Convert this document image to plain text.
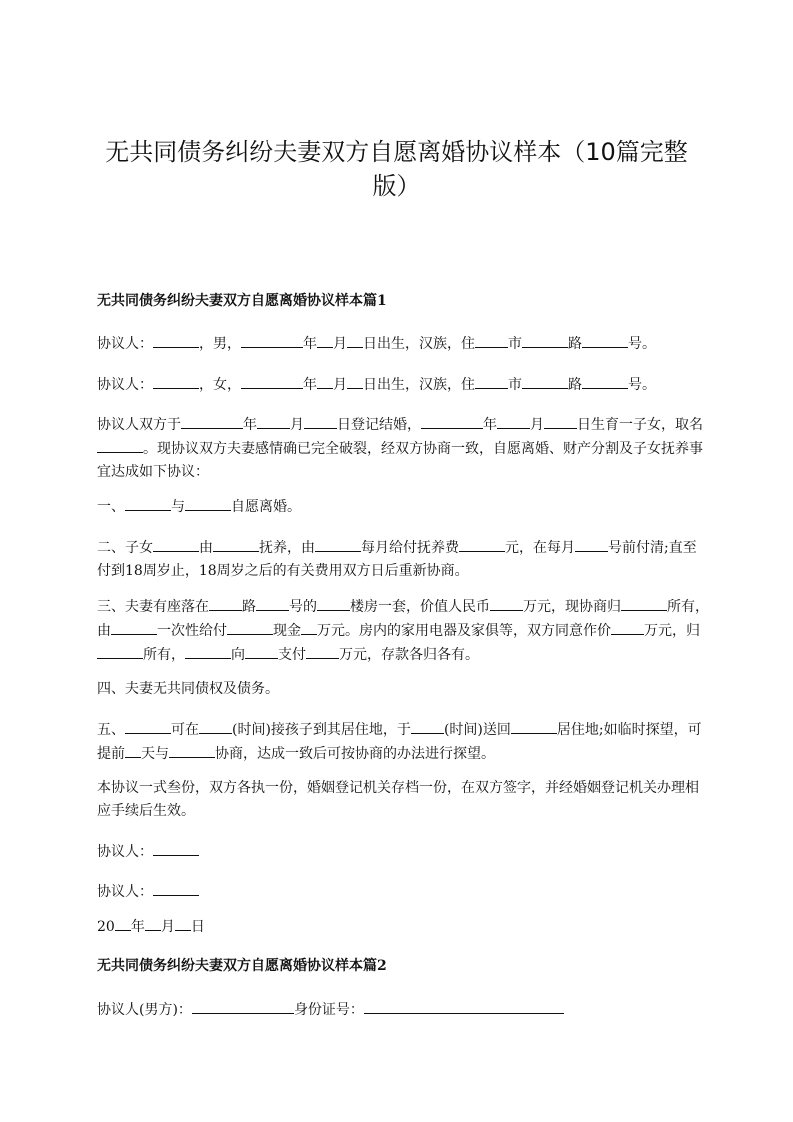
无共同债务纠纷夫妻双方自愿离婚协议样本（10篇完整
版）
无共同债务纠纷夫妻双方自愿离婚协议样本篇1
协议人：	，男，	年 月 日出生，汉族，住 市	路	号。
协议人：	，女，	年 月 日出生，汉族，住 市	路	号。
协议人双方于	年 月 日登记结婚，	年 月 日生育一子女，取名。现协议双方夫妻感情确已完全破裂，经双方协商一致，自愿离婚、财产分割及子女抚养事宜达成如下协议：
一、	与	自愿离婚。
二、子女	由	抚养，由	每月给付抚养费	元，在每月 号前付清;直至付到18周岁止，18周岁之后的有关费用双方日后重新协商。
三、夫妻有座落在 路 号的 楼房一套，价值人民币 万元，现协商归	所有，由	一次性给付	现金 万元。房内的家用电器及家俱等，双方同意作价 万元，归所有，	向 支付 万元，存款各归各有。
四、夫妻无共同债权及债务。
五、	可在 (时间)接孩子到其居住地，于 (时间)送回	居住地;如临时探望，可提前 天与	协商，达成一致后可按协商的办法进行探望。
本协议一式叁份，双方各执一份，婚姻登记机关存档一份，在双方签字，并经婚姻登记机关办理相应手续后生效。
协议人：
协议人：
20 年 月 日
无共同债务纠纷夫妻双方自愿离婚协议样本篇2
协议人(男方)：	身份证号：
